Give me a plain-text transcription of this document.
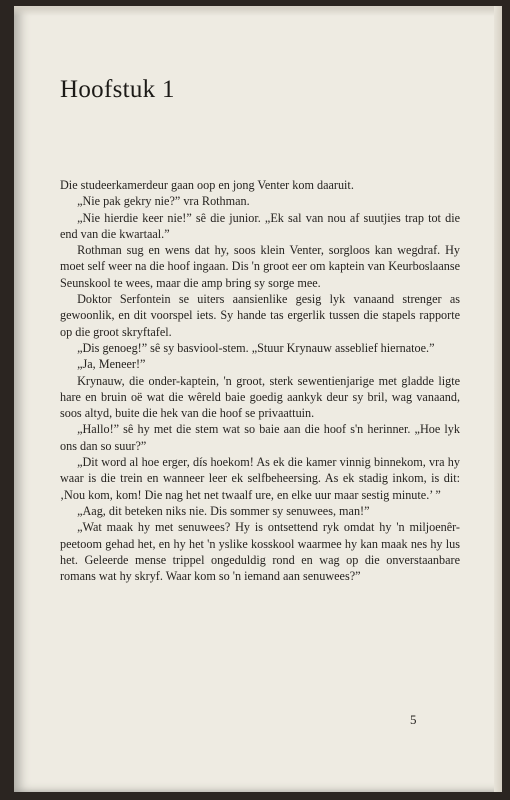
Hoofstuk 1

Die studeerkamerdeur gaan oop en jong Venter kom daaruit.

„Nie pak gekry nie?” vra Rothman.

„Nie hierdie keer nie!” sê die junior. „Ek sal van nou af suutjies trap tot die end van die kwartaal.”

Rothman sug en wens dat hy, soos klein Venter, sorgloos kan wegdraf. Hy moet self weer na die hoof ingaan. Dis 'n groot eer om kaptein van Keurboslaanse Seunskool te wees, maar die amp bring sy sorge mee.

Doktor Serfontein se uiters aansienlike gesig lyk vanaand strenger as gewoonlik, en dit voorspel iets. Sy hande tas ergerlik tussen die stapels rapporte op die groot skryftafel.

„Dis genoeg!” sê sy basviool-stem. „Stuur Krynauw asseblief hiernatoe.”

„Ja, Meneer!”

Krynauw, die onder-kaptein, 'n groot, sterk sewentienjarige met gladde ligte hare en bruin oë wat die wêreld baie goedig aankyk deur sy bril, wag vanaand, soos altyd, buite die hek van die hoof se privaattuin.

„Hallo!” sê hy met die stem wat so baie aan die hoof s'n herinner. „Hoe lyk ons dan so suur?”

„Dit word al hoe erger, dís hoekom! As ek die kamer vinnig binnekom, vra hy waar is die trein en wanneer leer ek selfbeheersing. As ek stadig inkom, is dit: ‚Nou kom, kom! Die nag het net twaalf ure, en elke uur maar sestig minute.’ ”

„Aag, dit beteken niks nie. Dis sommer sy senuwees, man!”

„Wat maak hy met senuwees? Hy is ontsettend ryk omdat hy 'n miljoenêr-peetoom gehad het, en hy het 'n yslike kosskool waarmee hy kan maak nes hy lus het. Geleerde mense trippel ongeduldig rond en wag op die onverstaanbare romans wat hy skryf. Waar kom so 'n iemand aan senuwees?”

5
